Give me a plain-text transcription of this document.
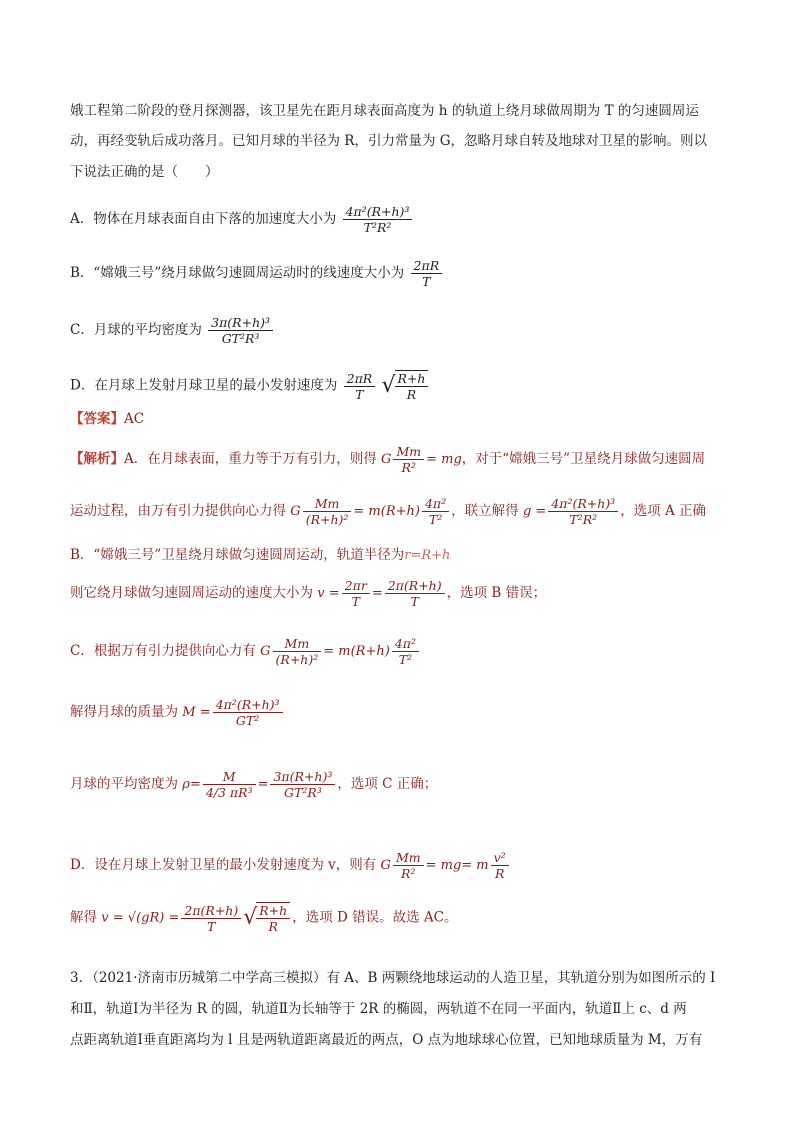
娥工程第二阶段的登月探测器，该卫星先在距月球表面高度为 h 的轨道上绕月球做周期为 T 的匀速圆周运
动，再经变轨后成功落月。已知月球的半径为 R，引力常量为 G，忽略月球自转及地球对卫星的影响。则以
下说法正确的是（　　）
A．物体在月球表面自由下落的加速度大小为 $\frac{\text{4π²(R+h)³}}{\text{T²R²}}$
B．“嫦娥三号”绕月球做匀速圆周运动时的线速度大小为 $\frac{2\pi R}{T}$
C．月球的平均密度为 $\frac{\text{3π(R+h)³}}{\text{GT²R³}}$
D．在月球上发射月球卫星的最小发射速度为 $\frac{2\pi R}{T}$ √ $\frac{R+h}{R}$
【答案】AC
【解析】A．在月球表面，重力等于万有引力，则得 G $\frac{Mm}{\text{R²}}$ = mg，对于“嫦娥三号”卫星绕月球做匀速圆周
运动过程，由万有引力提供向心力得 G $\frac{Mm}{\text{(R+h)²}} = m(R+h) \frac{\text{4π²}}{\text{T²}}$ ，联立解得 $g = \frac{\text{4π²(R+h)³}}{\text{T²R²}}$ ，选项 A 正确
B．“嫦娥三号”卫星绕月球做匀速圆周运动，轨道半径为r=R+h
则它绕月球做匀速圆周运动的速度大小为 $v = \frac{2\pi r}{T} = \frac{2\pi(R+h)}{T}$ ，选项 B 错误；
C．根据万有引力提供向心力有 G $\frac{Mm}{\text{(R+h)²}} = m(R+h) \frac{\text{4π²}}{\text{T²}}$
解得月球的质量为 $M = \frac{\text{4π²(R+h)³}}{\text{GT²}}$
月球的平均密度为 $\rho= \frac{M}{\text{4/3 πR³}} = \frac{\text{3π(R+h)³}}{\text{GT²R³}}$ ，选项 C 正确；
D．设在月球上发射卫星的最小发射速度为 v，则有 G $\frac{Mm}{\text{R²}} = mg= m \frac{\text{v²}}{R}$
解得 $v = √(gR) = \frac{2\pi(R+h)}{T}$ √ $\frac{R+h}{R}$ ，选项 D 错误。故选 AC。
3．（2021·济南市历城第二中学高三模拟）有 A、B 两颗绕地球运动的人造卫星，其轨道分别为如图所示的 Ⅰ
和Ⅱ，轨道Ⅰ为半径为 R 的圆，轨道Ⅱ为长轴等于 2R 的椭圆，两轨道不在同一平面内，轨道Ⅱ上 c、d 两
点距离轨道Ⅰ垂直距离均为 l 且是两轨道距离最近的两点，O 点为地球球心位置，已知地球质量为 M，万有
